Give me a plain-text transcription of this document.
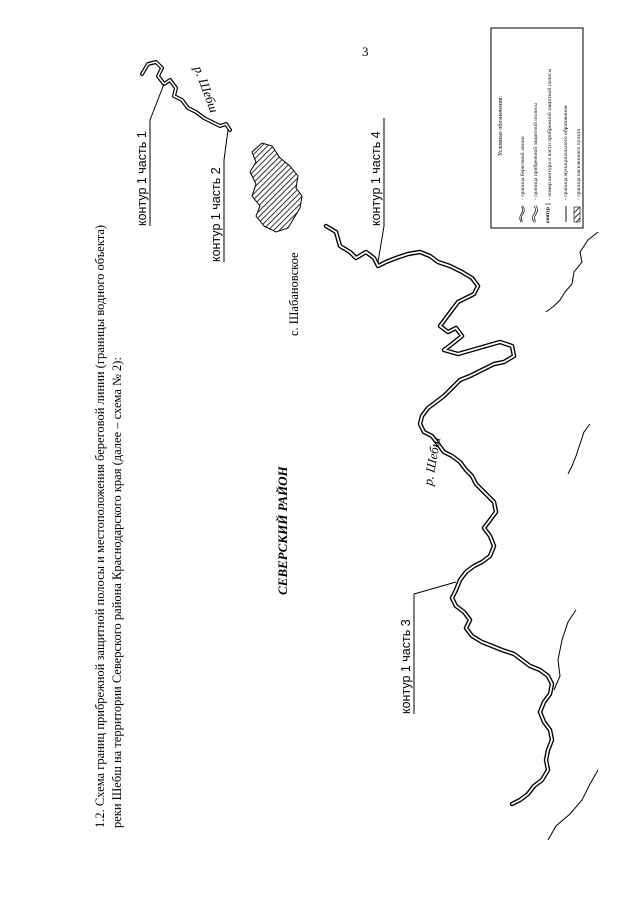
3
1.2. Схема границ прибрежной защитной полосы и местоположения береговой линии (границы водного объекта) реки Шебш на территории Северского района Краснодарского края (далее – схема № 2):
с. Шабановское
СЕВЕРСКИЙ РАЙОН
р. Шебш
р. Шебш
контур 1 часть 1	контур 1 часть 2
контур 1 часть 3
контур 1 часть 4
Условные обозначения:
- граница береговой линии - граница прибрежной защитной полосы
контур
- номер контура и части прибрежной защитной полосы - граница муниципального образования - граница населенного пункта
